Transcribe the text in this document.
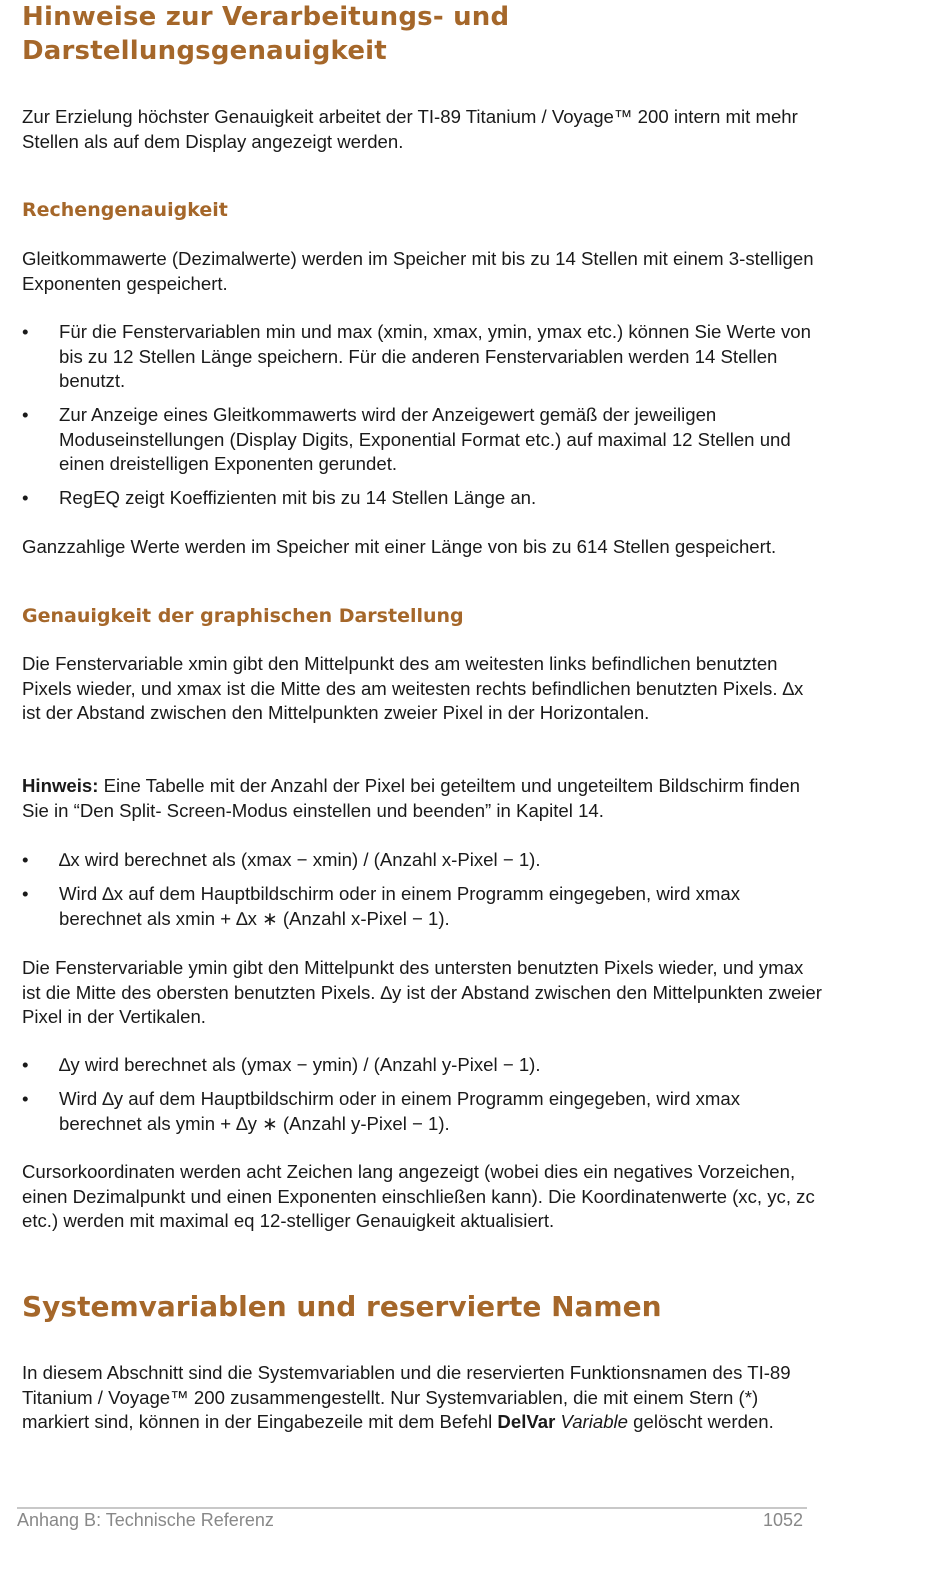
Hinweise zur Verarbeitungs- und
Darstellungsgenauigkeit

Zur Erzielung höchster Genauigkeit arbeitet der TI-89 Titanium / Voyage™ 200 intern mit mehr Stellen als auf dem Display angezeigt werden.

Rechengenauigkeit

Gleitkommawerte (Dezimalwerte) werden im Speicher mit bis zu 14 Stellen mit einem 3-stelligen Exponenten gespeichert.

• Für die Fenstervariablen min und max (xmin, xmax, ymin, ymax etc.) können Sie Werte von bis zu 12 Stellen Länge speichern. Für die anderen Fenstervariablen werden 14 Stellen benutzt.
• Zur Anzeige eines Gleitkommawerts wird der Anzeigewert gemäß der jeweiligen Moduseinstellungen (Display Digits, Exponential Format etc.) auf maximal 12 Stellen und einen dreistelligen Exponenten gerundet.
• RegEQ zeigt Koeffizienten mit bis zu 14 Stellen Länge an.

Ganzzahlige Werte werden im Speicher mit einer Länge von bis zu 614 Stellen gespeichert.

Genauigkeit der graphischen Darstellung

Die Fenstervariable xmin gibt den Mittelpunkt des am weitesten links befindlichen benutzten Pixels wieder, und xmax ist die Mitte des am weitesten rechts befindlichen benutzten Pixels. ∆x ist der Abstand zwischen den Mittelpunkten zweier Pixel in der Horizontalen.

Hinweis: Eine Tabelle mit der Anzahl der Pixel bei geteiltem und ungeteiltem Bildschirm finden Sie in “Den Split- Screen-Modus einstellen und beenden” in Kapitel 14.

• ∆x wird berechnet als (xmax − xmin) / (Anzahl x-Pixel − 1).
• Wird ∆x auf dem Hauptbildschirm oder in einem Programm eingegeben, wird xmax berechnet als xmin + ∆x ∗ (Anzahl x-Pixel − 1).

Die Fenstervariable ymin gibt den Mittelpunkt des untersten benutzten Pixels wieder, und ymax ist die Mitte des obersten benutzten Pixels. ∆y ist der Abstand zwischen den Mittelpunkten zweier Pixel in der Vertikalen.

• ∆y wird berechnet als (ymax − ymin) / (Anzahl y-Pixel − 1).
• Wird ∆y auf dem Hauptbildschirm oder in einem Programm eingegeben, wird xmax berechnet als ymin + ∆y ∗ (Anzahl y-Pixel − 1).

Cursorkoordinaten werden acht Zeichen lang angezeigt (wobei dies ein negatives Vorzeichen, einen Dezimalpunkt und einen Exponenten einschließen kann). Die Koordinatenwerte (xc, yc, zc etc.) werden mit maximal eq 12-stelliger Genauigkeit aktualisiert.

Systemvariablen und reservierte Namen

In diesem Abschnitt sind die Systemvariablen und die reservierten Funktionsnamen des TI-89 Titanium / Voyage™ 200 zusammengestellt. Nur Systemvariablen, die mit einem Stern (*) markiert sind, können in der Eingabezeile mit dem Befehl DelVar Variable gelöscht werden.

Anhang B: Technische Referenz	1052
